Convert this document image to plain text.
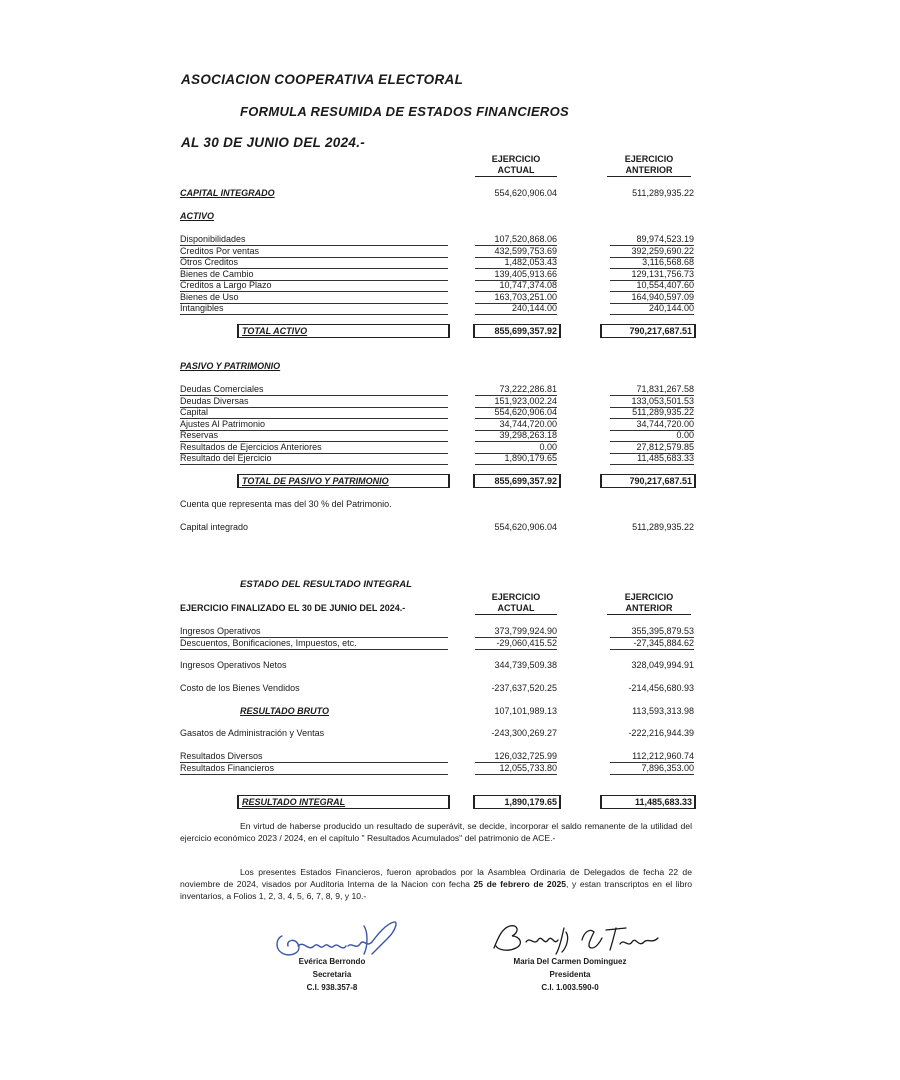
ASOCIACION COOPERATIVA ELECTORAL
FORMULA RESUMIDA DE ESTADOS FINANCIEROS
AL 30 DE JUNIO DEL 2024.-
EJERCICIO
ACTUAL
EJERCICIO
ANTERIOR
CAPITAL INTEGRADO	554,620,906.04	511,289,935.22
ACTIVO
Disponibilidades	107,520,868.06	89,974,523.19
Creditos Por ventas	432,599,753.69	392,259,690.22
Otros Creditos	1,482,053.43	3,116,568.68
Bienes de Cambio	139,405,913.66	129,131,756.73
Creditos a Largo Plazo	10,747,374.08	10,554,407.60
Bienes de Uso	163,703,251.00	164,940,597.09
Intangibles	240,144.00	240,144.00
TOTAL ACTIVO	855,699,357.92	790,217,687.51
PASIVO Y PATRIMONIO
Deudas Comerciales	73,222,286.81	71,831,267.58
Deudas Diversas	151,923,002.24	133,053,501.53
Capital	554,620,906.04	511,289,935.22
Ajustes Al Patrimonio	34,744,720.00	34,744,720.00
Reservas	39,298,263.18	0.00
Resultados de Ejercicios Anteriores	0.00	27,812,579.85
Resultado del Ejercicio	1,890,179.65	11,485,683.33
TOTAL DE PASIVO Y PATRIMONIO	855,699,357.92	790,217,687.51
Cuenta que representa mas del 30 % del Patrimonio.
Capital integrado	554,620,906.04	511,289,935.22
ESTADO DEL RESULTADO INTEGRAL
EJERCICIO
ACTUAL
EJERCICIO
ANTERIOR
EJERCICIO FINALIZADO EL 30 DE JUNIO DEL 2024.-
Ingresos Operativos	373,799,924.90	355,395,879.53
Descuentos, Bonificaciones, Impuestos, etc.	-29,060,415.52	-27,345,884.62
Ingresos Operativos Netos	344,739,509.38	328,049,994.91
Costo de los Bienes Vendidos	-237,637,520.25	-214,456,680.93
RESULTADO BRUTO	107,101,989.13	113,593,313.98
Gasatos de Administración y Ventas	-243,300,269.27	-222,216,944.39
Resultados Diversos	126,032,725.99	112,212,960.74
Resultados Financieros	12,055,733.80	7,896,353.00
RESULTADO INTEGRAL	1,890,179.65	11,485,683.33
En virtud de haberse producido un resultado de superávit, se decide, incorporar el saldo remanente de la utilidad del ejercicio económico 2023 / 2024, en el capítulo " Resultados Acumulados" del patrimonio de ACE.-
Los presentes Estados Financieros, fueron aprobados por la Asamblea Ordinaria de Delegados de fecha 22 de noviembre de 2024, visados por Auditoria Interna de la Nacion con fecha 25 de febrero de 2025, y estan transcriptos en el libro inventarios, a Folios 1, 2, 3, 4, 5, 6, 7, 8, 9, y 10.-
Evérica Berrondo
Secretaria
C.I. 938.357-8
Maria Del Carmen Dominguez
Presidenta
C.I. 1.003.590-0
